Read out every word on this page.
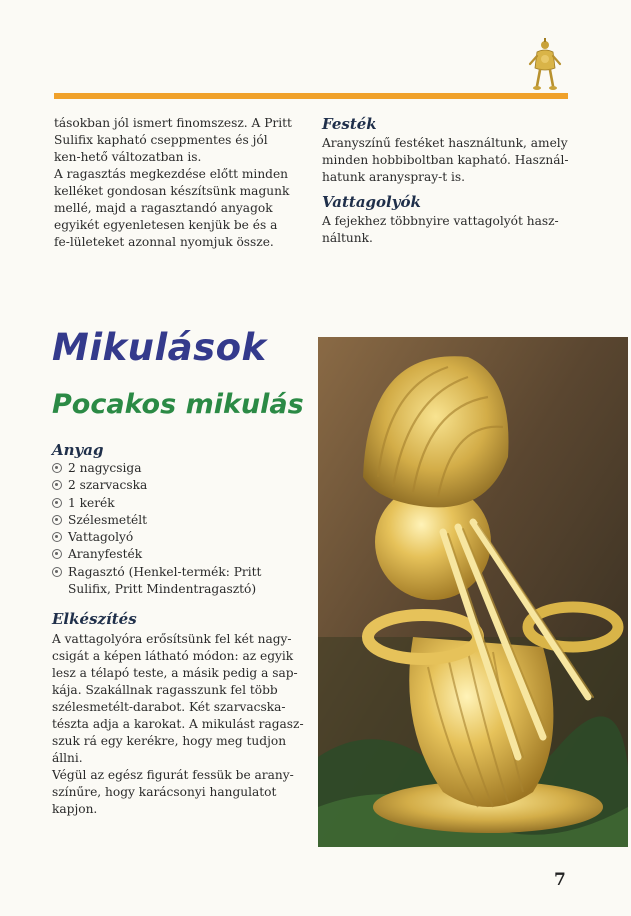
tásokban jól ismert finomszesz. A Pritt Sulifix kapható cseppmentes és jól ken-hető változatban is.

A ragasztás megkezdése előtt minden kelléket gondosan készítsünk magunk mellé, majd a ragasztandó anyagok egyikét egyenletesen kenjük be és a fe-lületeket azonnal nyomjuk össze.

Festék

Aranyszínű festéket használtunk, amely minden hobbiboltban kapható. Használ-hatunk aranyspray-t is.

Vattagolyók

A fejekhez többnyire vattagolyót hasz-náltunk.

Mikulások
Pocakos mikulás
Anyag
2 nagycsiga
2 szarvacska
1 kerék
Szélesmetélt
Vattagolyó
Aranyfesték
Ragasztó (Henkel-termék: Pritt Sulifix, Pritt Mindentragasztó)
Elkészítés

A vattagolyóra erősítsünk fel két nagy-csigát a képen látható módon: az egyik lesz a télapó teste, a másik pedig a sap-kája. Szakállnak ragasszunk fel több szélesmetélt-darabot. Két szarvacska-tészta adja a karokat. A mikulást ragasz-szuk rá egy kerékre, hogy meg tudjon állni.

Végül az egész figurát fessük be arany-színűre, hogy karácsonyi hangulatot kapjon.

7
